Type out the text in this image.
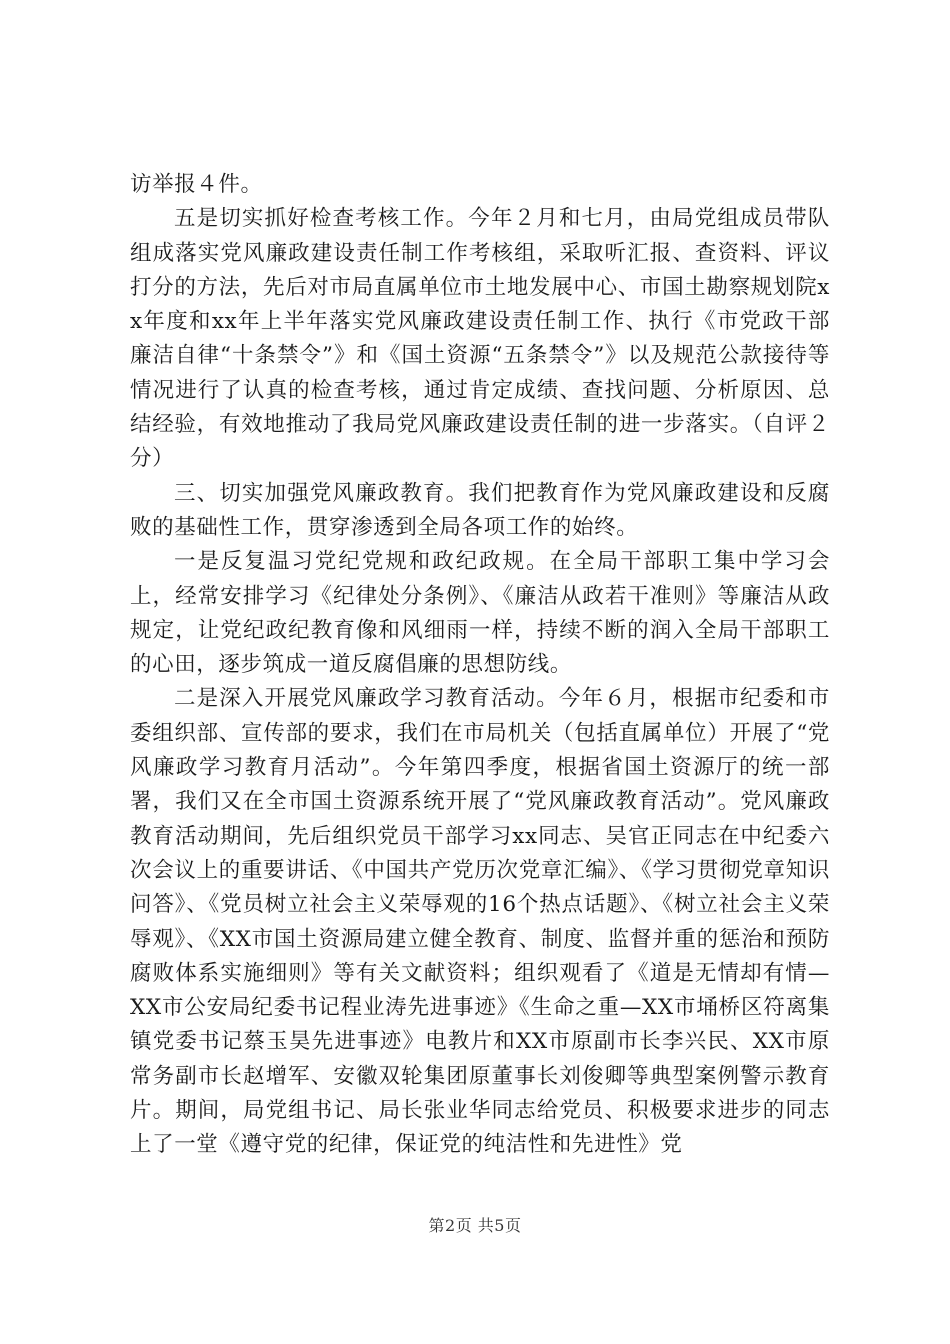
访举报４件。

五是切实抓好检查考核工作。今年２月和七月，由局党组成员带队组成落实党风廉政建设责任制工作考核组，采取听汇报、查资料、评议打分的方法，先后对市局直属单位市土地发展中心、市国土勘察规划院xx年度和xx年上半年落实党风廉政建设责任制工作、执行《市党政干部廉洁自律“十条禁令”》和《国土资源“五条禁令”》以及规范公款接待等情况进行了认真的检查考核，通过肯定成绩、查找问题、分析原因、总结经验，有效地推动了我局党风廉政建设责任制的进一步落实。（自评２分）

三、切实加强党风廉政教育。我们把教育作为党风廉政建设和反腐败的基础性工作，贯穿渗透到全局各项工作的始终。

一是反复温习党纪党规和政纪政规。在全局干部职工集中学习会上，经常安排学习《纪律处分条例》、《廉洁从政若干准则》等廉洁从政规定，让党纪政纪教育像和风细雨一样，持续不断的润入全局干部职工的心田，逐步筑成一道反腐倡廉的思想防线。

二是深入开展党风廉政学习教育活动。今年６月，根据市纪委和市委组织部、宣传部的要求，我们在市局机关（包括直属单位）开展了“党风廉政学习教育月活动”。今年第四季度，根据省国土资源厅的统一部署，我们又在全市国土资源系统开展了“党风廉政教育活动”。党风廉政教育活动期间，先后组织党员干部学习xx同志、吴官正同志在中纪委六次会议上的重要讲话、《中国共产党历次党章汇编》、《学习贯彻党章知识问答》、《党员树立社会主义荣辱观的16个热点话题》、《树立社会主义荣辱观》、《XX市国土资源局建立健全教育、制度、监督并重的惩治和预防腐败体系实施细则》等有关文献资料；组织观看了《道是无情却有情—XX市公安局纪委书记程业涛先进事迹》《生命之重—XX市埇桥区符离集镇党委书记蔡玉昊先进事迹》电教片和XX市原副市长李兴民、XX市原常务副市长赵增军、安徽双轮集团原董事长刘俊卿等典型案例警示教育片。期间，局党组书记、局长张业华同志给党员、积极要求进步的同志上了一堂《遵守党的纪律，保证党的纯洁性和先进性》党

第2页 共5页
